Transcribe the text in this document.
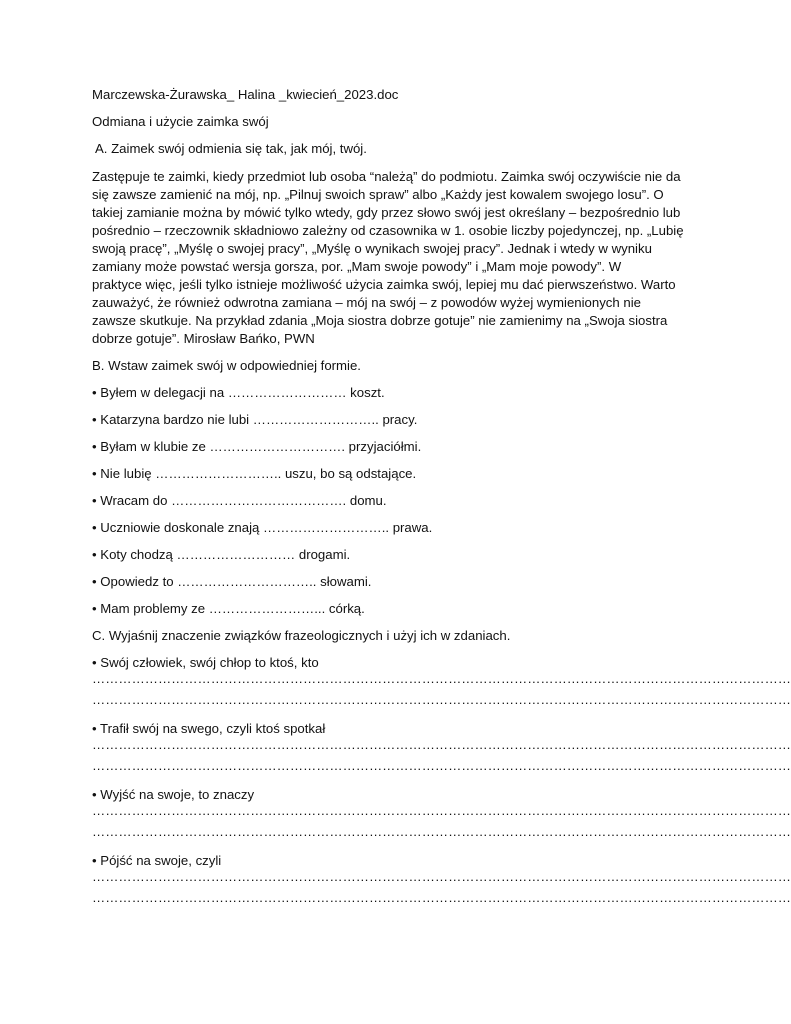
Marczewska-Żurawska_ Halina _kwiecień_2023.doc
Odmiana i użycie zaimka swój
A. Zaimek swój odmienia się tak, jak mój, twój.
Zastępuje te zaimki, kiedy przedmiot lub osoba “należą” do podmiotu. Zaimka swój oczywiście nie da
się zawsze zamienić na mój, np. „Pilnuj swoich spraw” albo „Każdy jest kowalem swojego losu”. O
takiej zamianie można by mówić tylko wtedy, gdy przez słowo swój jest określany – bezpośrednio lub
pośrednio – rzeczownik składniowo zależny od czasownika w 1. osobie liczby pojedynczej, np. „Lubię
swoją pracę”, „Myślę o swojej pracy”, „Myślę o wynikach swojej pracy”. Jednak i wtedy w wyniku
zamiany może powstać wersja gorsza, por. „Mam swoje powody” i „Mam moje powody”. W
praktyce więc, jeśli tylko istnieje możliwość użycia zaimka swój, lepiej mu dać pierwszeństwo. Warto
zauważyć, że również odwrotna zamiana – mój na swój – z powodów wyżej wymienionych nie
zawsze skutkuje. Na przykład zdania „Moja siostra dobrze gotuje” nie zamienimy na „Swoja siostra
dobrze gotuje”. Mirosław Bańko, PWN
B. Wstaw zaimek swój w odpowiedniej formie.
• Byłem w delegacji na ……………………… koszt.
• Katarzyna bardzo nie lubi ……………………….. pracy.
• Byłam w klubie ze …………………………. przyjaciółmi.
• Nie lubię ……………………….. uszu, bo są odstające.
• Wracam do …………………………………. domu.
• Uczniowie doskonale znają ……………………….. prawa.
• Koty chodzą ……………………… drogami.
• Opowiedz to ………………………….. słowami.
• Mam problemy ze ……………………... córką.
C. Wyjaśnij znaczenie związków frazeologicznych i użyj ich w zdaniach.
• Swój człowiek, swój chłop to ktoś, kto
……………………………………………………………………………………………………………………………………………
……………………………………………………………………………………………………………………………………………
• Trafił swój na swego, czyli ktoś spotkał
……………………………………………………………………………………………………………………………………………
……………………………………………………………………………………………………………………………………………
• Wyjść na swoje, to znaczy
……………………………………………………………………………………………………………………………………………
……………………………………………………………………………………………………………………………………………
• Pójść na swoje, czyli
……………………………………………………………………………………………………………………………………………
……………………………………………………………………………………………………………………………………………
